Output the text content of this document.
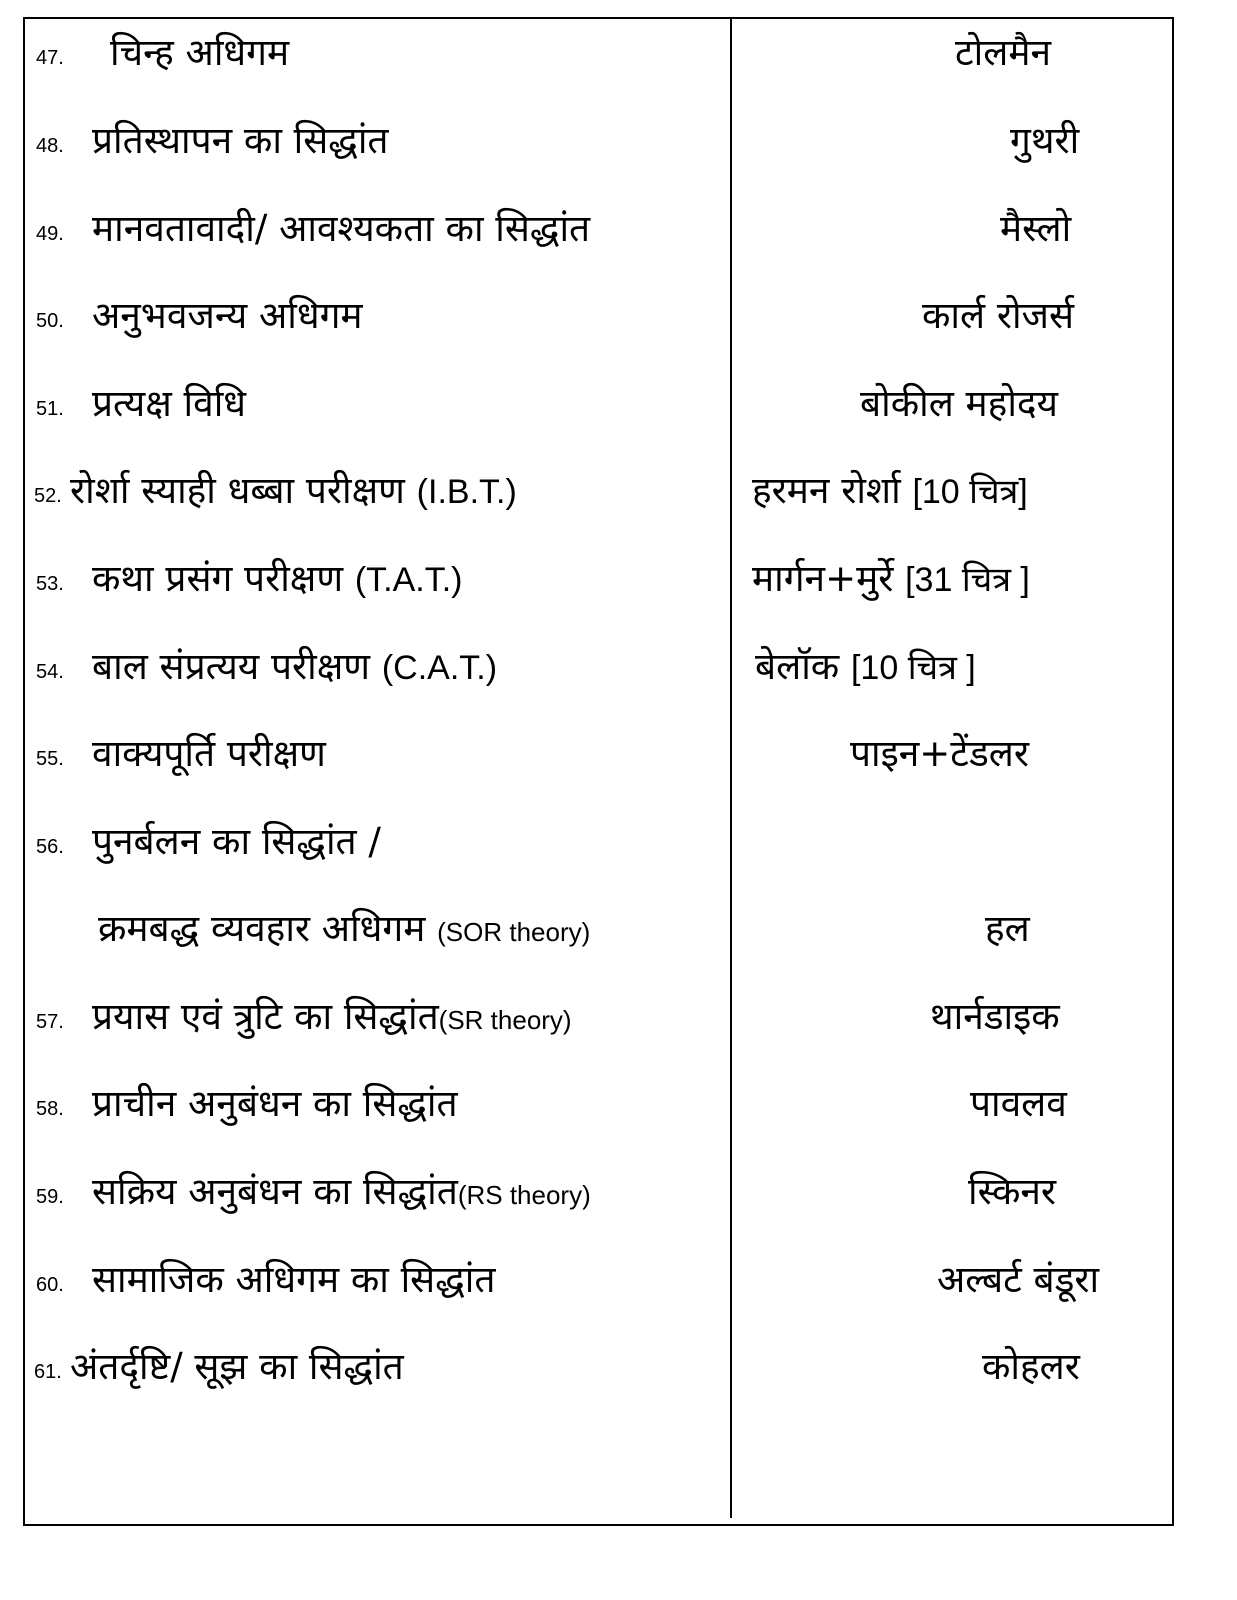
47. चिन्ह अधिगम	टोलमैन
48. प्रतिस्थापन का सिद्धांत	गुथरी
49. मानवतावादी/ आवश्यकता का सिद्धांत	मैस्लो
50. अनुभवजन्य अधिगम	कार्ल रोजर्स
51. प्रत्यक्ष विधि	बोकील महोदय
52. रोर्शा स्याही धब्बा परीक्षण (I.B.T.)	हरमन रोर्शा [10 चित्र]
53. कथा प्रसंग परीक्षण (T.A.T.)	मार्गन+मुर्रे [31 चित्र ]
54. बाल संप्रत्यय परीक्षण (C.A.T.)	बेलॉक [10 चित्र ]
55. वाक्यपूर्ति परीक्षण	पाइन+टेंडलर
56. पुनर्बलन का सिद्धांत /
क्रमबद्ध व्यवहार अधिगम (SOR theory)	हल
57. प्रयास एवं त्रुटि का सिद्धांत(SR theory)	थार्नडाइक
58. प्राचीन अनुबंधन का सिद्धांत	पावलव
59. सक्रिय अनुबंधन का सिद्धांत(RS theory)	स्किनर
60. सामाजिक अधिगम का सिद्धांत	अल्बर्ट बंडूरा
61. अंतर्दृष्टि/ सूझ का सिद्धांत	कोहलर
